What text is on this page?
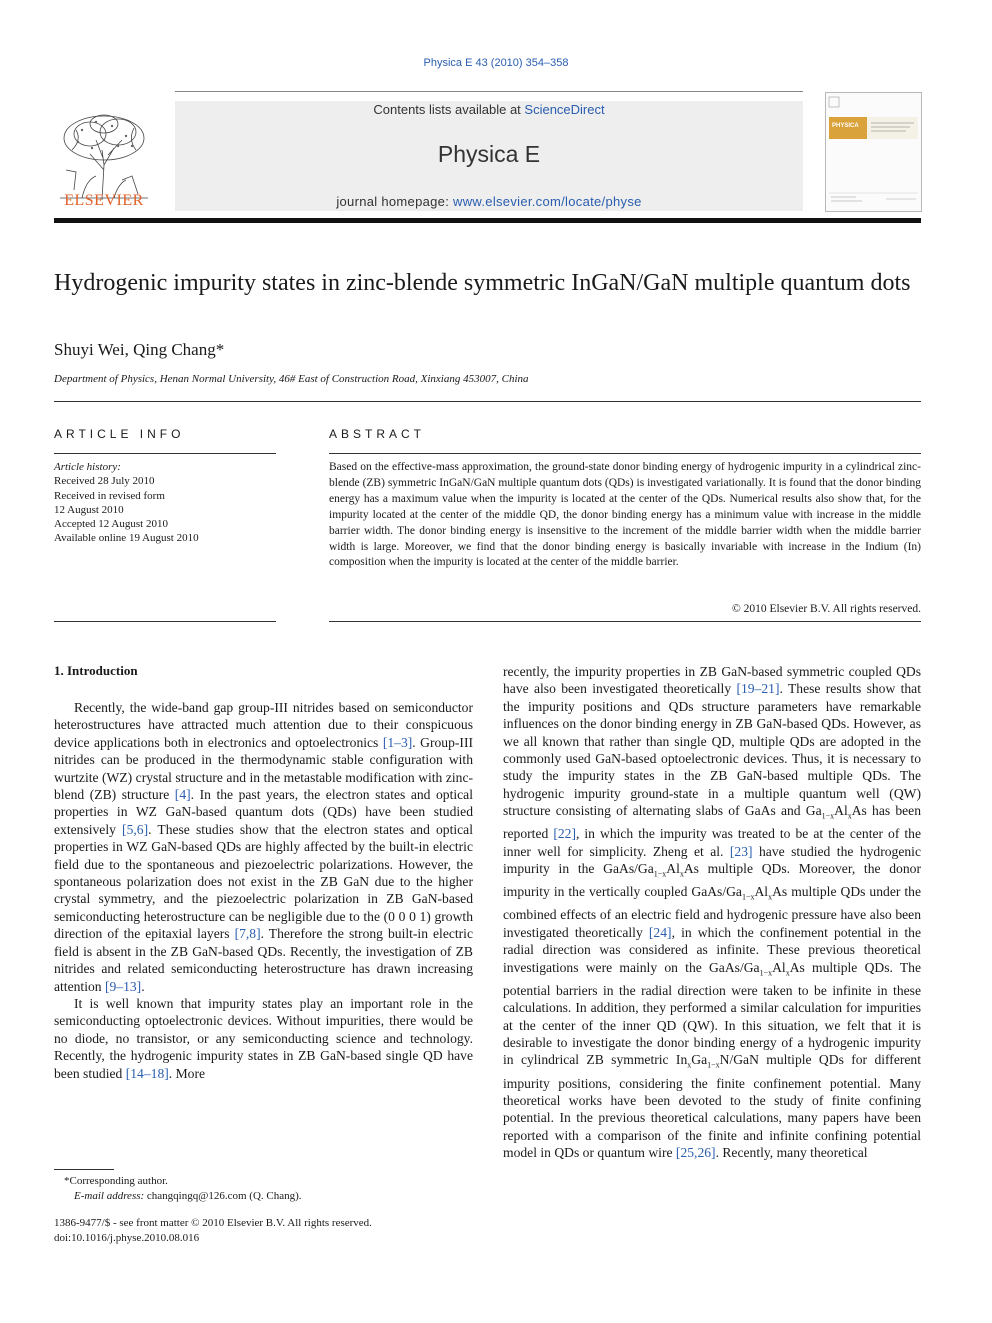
Physica E 43 (2010) 354–358
ELSEVIER
Contents lists available at ScienceDirect
Physica E
journal homepage: www.elsevier.com/locate/physe
PHYSICA
Hydrogenic impurity states in zinc-blende symmetric InGaN/GaN multiple quantum dots
Shuyi Wei, Qing Chang*
Department of Physics, Henan Normal University, 46# East of Construction Road, Xinxiang 453007, China
ARTICLE INFO	ABSTRACT
Article history:
Received 28 July 2010
Received in revised form
12 August 2010
Accepted 12 August 2010
Available online 19 August 2010
Based on the effective-mass approximation, the ground-state donor binding energy of hydrogenic impurity in a cylindrical zinc-blende (ZB) symmetric InGaN/GaN multiple quantum dots (QDs) is investigated variationally. It is found that the donor binding energy has a maximum value when the impurity is located at the center of the QDs. Numerical results also show that, for the impurity located at the center of the middle QD, the donor binding energy has a minimum value with increase in the middle barrier width. The donor binding energy is insensitive to the increment of the middle barrier width when the middle barrier width is large. Moreover, we find that the donor binding energy is basically invariable with increase in the Indium (In) composition when the impurity is located at the center of the middle barrier.
© 2010 Elsevier B.V. All rights reserved.
1. Introduction

Recently, the wide-band gap group-III nitrides based on semiconductor heterostructures have attracted much attention due to their conspicuous device applications both in electronics and optoelectronics [1–3]. Group-III nitrides can be produced in the thermodynamic stable configuration with wurtzite (WZ) crystal structure and in the metastable modification with zinc-blend (ZB) structure [4]. In the past years, the electron states and optical properties in WZ GaN-based quantum dots (QDs) have been studied extensively [5,6]. These studies show that the electron states and optical properties in WZ GaN-based QDs are highly affected by the built-in electric field due to the spontaneous and piezoelectric polarizations. However, the spontaneous polarization does not exist in the ZB GaN due to the higher crystal symmetry, and the piezoelectric polarization in ZB GaN-based semiconducting heterostructure can be negligible due to the (0 0 0 1) growth direction of the epitaxial layers [7,8]. Therefore the strong built-in electric field is absent in the ZB GaN-based QDs. Recently, the investigation of ZB nitrides and related semiconducting heterostructure has drawn increasing attention [9–13].

It is well known that impurity states play an important role in the semiconducting optoelectronic devices. Without impurities, there would be no diode, no transistor, or any semiconducting science and technology. Recently, the hydrogenic impurity states in ZB GaN-based single QD have been studied [14–18]. More

recently, the impurity properties in ZB GaN-based symmetric coupled QDs have also been investigated theoretically [19–21]. These results show that the impurity positions and QDs structure parameters have remarkable influences on the donor binding energy in ZB GaN-based QDs. However, as we all known that rather than single QD, multiple QDs are adopted in the commonly used GaN-based optoelectronic devices. Thus, it is necessary to study the impurity states in the ZB GaN-based multiple QDs. The hydrogenic impurity ground-state in a multiple quantum well (QW) structure consisting of alternating slabs of GaAs and $Ga_{1-x}Al_xAs$ has been reported [22], in which the impurity was treated to be at the center of the inner well for simplicity. Zheng et al. [23] have studied the hydrogenic impurity in the GaAs/$Ga_{1-x}Al_xAs$ multiple QDs. Moreover, the donor impurity in the vertically coupled GaAs/$Ga_{1-x}Al_xAs$ multiple QDs under the combined effects of an electric field and hydrogenic pressure have also been investigated theoretically [24], in which the confinement potential in the radial direction was considered as infinite. These previous theoretical investigations were mainly on the GaAs/$Ga_{1-x}Al_xAs$ multiple QDs. The potential barriers in the radial direction were taken to be infinite in these calculations. In addition, they performed a similar calculation for impurities at the center of the inner QD (QW). In this situation, we felt that it is desirable to investigate the donor binding energy of a hydrogenic impurity in cylindrical ZB symmetric $In_xGa_{1-x}N$/GaN multiple QDs for different impurity positions, considering the finite confinement potential. Many theoretical works have been devoted to the study of finite confining potential. In the previous theoretical calculations, many papers have been reported with a comparison of the finite and infinite confining potential model in QDs or quantum wire [25,26]. Recently, many theoretical

*Corresponding author.
E-mail address: changqingq@126.com (Q. Chang).
1386-9477/$ - see front matter © 2010 Elsevier B.V. All rights reserved.
doi:10.1016/j.physe.2010.08.016
